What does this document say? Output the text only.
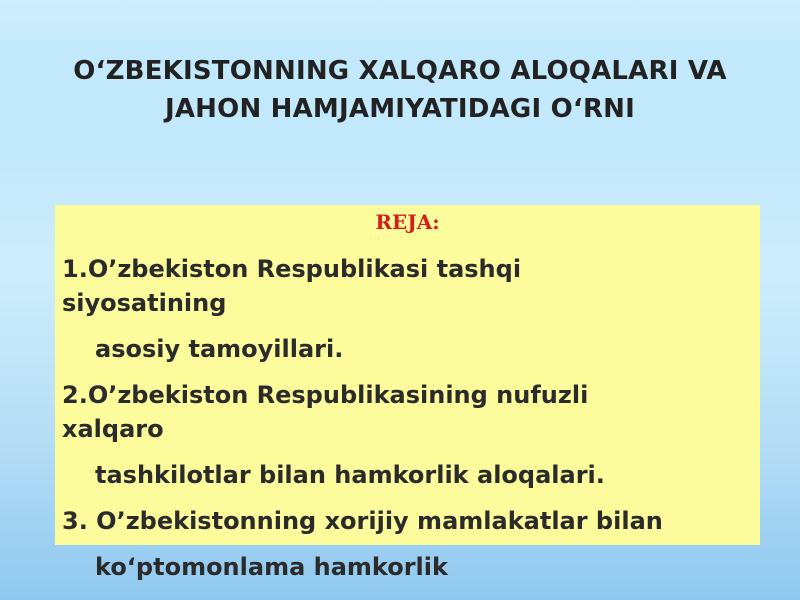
O‘ZBEKISTONNING XALQARO ALOQALARI VA
JAHON HAMJAMIYATIDAGI O‘RNI
REJA:
1.O’zbekiston Respublikasi tashqi
siyosatining
asosiy tamoyillari.
2.O’zbekiston Respublikasining nufuzli
xalqaro
tashkilotlar bilan hamkorlik aloqalari.
3. O’zbekistonning xorijiy mamlakatlar bilan
ko‘ptomonlama hamkorlik
